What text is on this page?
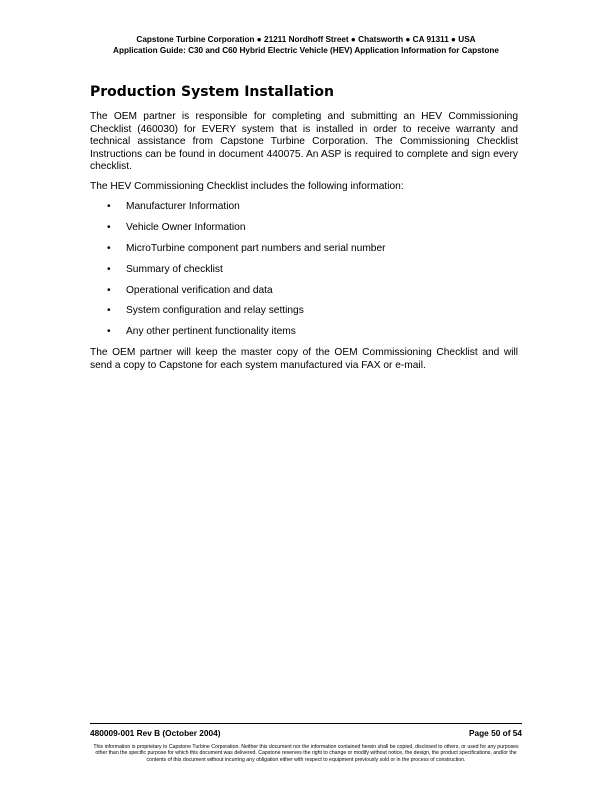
Capstone Turbine Corporation ● 21211 Nordhoff Street ● Chatsworth ● CA 91311 ● USA
Application Guide: C30 and C60 Hybrid Electric Vehicle (HEV) Application Information for Capstone
Production System Installation

The OEM partner is responsible for completing and submitting an HEV Commissioning Checklist (460030) for EVERY system that is installed in order to receive warranty and technical assistance from Capstone Turbine Corporation. The Commissioning Checklist Instructions can be found in document 440075. An ASP is required to complete and sign every checklist.

The HEV Commissioning Checklist includes the following information:

• Manufacturer Information
• Vehicle Owner Information
• MicroTurbine component part numbers and serial number
• Summary of checklist
• Operational verification and data
• System configuration and relay settings
• Any other pertinent functionality items

The OEM partner will keep the master copy of the OEM Commissioning Checklist and will send a copy to Capstone for each system manufactured via FAX or e-mail.

480009-001 Rev B (October 2004)	Page 50 of 54
This information is proprietary to Capstone Turbine Corporation. Neither this document nor the information contained herein shall be copied, disclosed to others, or used for any purposes other than the specific purpose for which this document was delivered. Capstone reserves the right to change or modify without notice, the design, the product specifications, and/or the contents of this document without incurring any obligation either with respect to equipment previously sold or in the process of construction.
